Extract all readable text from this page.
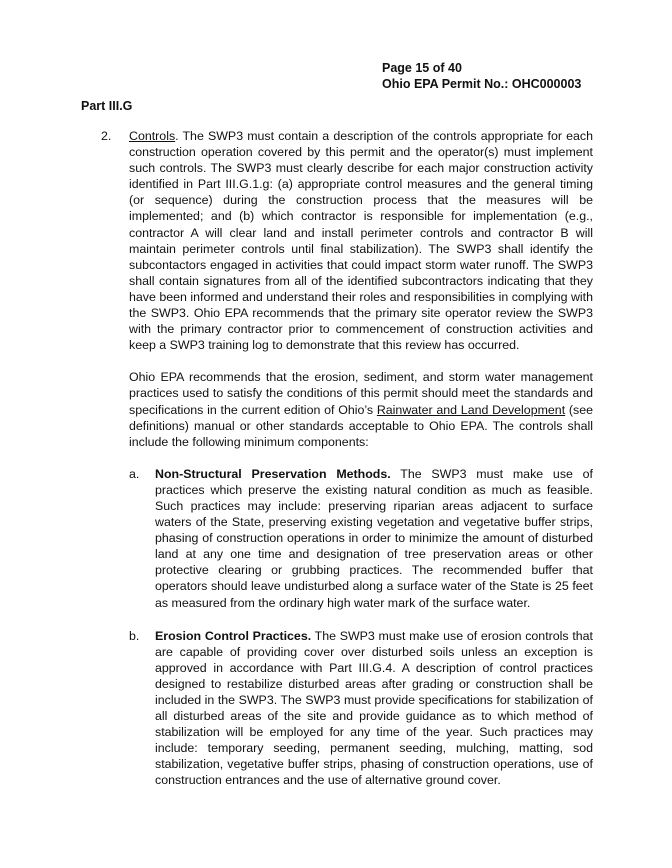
Page 15 of 40
Ohio EPA Permit No.: OHC000003
Part III.G
2.	Controls. The SWP3 must contain a description of the controls appropriate for each construction operation covered by this permit and the operator(s) must implement such controls. The SWP3 must clearly describe for each major construction activity identified in Part III.G.1.g: (a) appropriate control measures and the general timing (or sequence) during the construction process that the measures will be implemented; and (b) which contractor is responsible for implementation (e.g., contractor A will clear land and install perimeter controls and contractor B will maintain perimeter controls until final stabilization). The SWP3 shall identify the subcontactors engaged in activities that could impact storm water runoff. The SWP3 shall contain signatures from all of the identified subcontractors indicating that they have been informed and understand their roles and responsibilities in complying with the SWP3. Ohio EPA recommends that the primary site operator review the SWP3 with the primary contractor prior to commencement of construction activities and keep a SWP3 training log to demonstrate that this review has occurred.

Ohio EPA recommends that the erosion, sediment, and storm water management practices used to satisfy the conditions of this permit should meet the standards and specifications in the current edition of Ohio’s Rainwater and Land Development (see definitions) manual or other standards acceptable to Ohio EPA. The controls shall include the following minimum components:

a.	Non-Structural Preservation Methods. The SWP3 must make use of practices which preserve the existing natural condition as much as feasible. Such practices may include: preserving riparian areas adjacent to surface waters of the State, preserving existing vegetation and vegetative buffer strips, phasing of construction operations in order to minimize the amount of disturbed land at any one time and designation of tree preservation areas or other protective clearing or grubbing practices. The recommended buffer that operators should leave undisturbed along a surface water of the State is 25 feet as measured from the ordinary high water mark of the surface water.

b.	Erosion Control Practices. The SWP3 must make use of erosion controls that are capable of providing cover over disturbed soils unless an exception is approved in accordance with Part III.G.4. A description of control practices designed to restabilize disturbed areas after grading or construction shall be included in the SWP3. The SWP3 must provide specifications for stabilization of all disturbed areas of the site and provide guidance as to which method of stabilization will be employed for any time of the year. Such practices may include: temporary seeding, permanent seeding, mulching, matting, sod stabilization, vegetative buffer strips, phasing of construction operations, use of construction entrances and the use of alternative ground cover.
